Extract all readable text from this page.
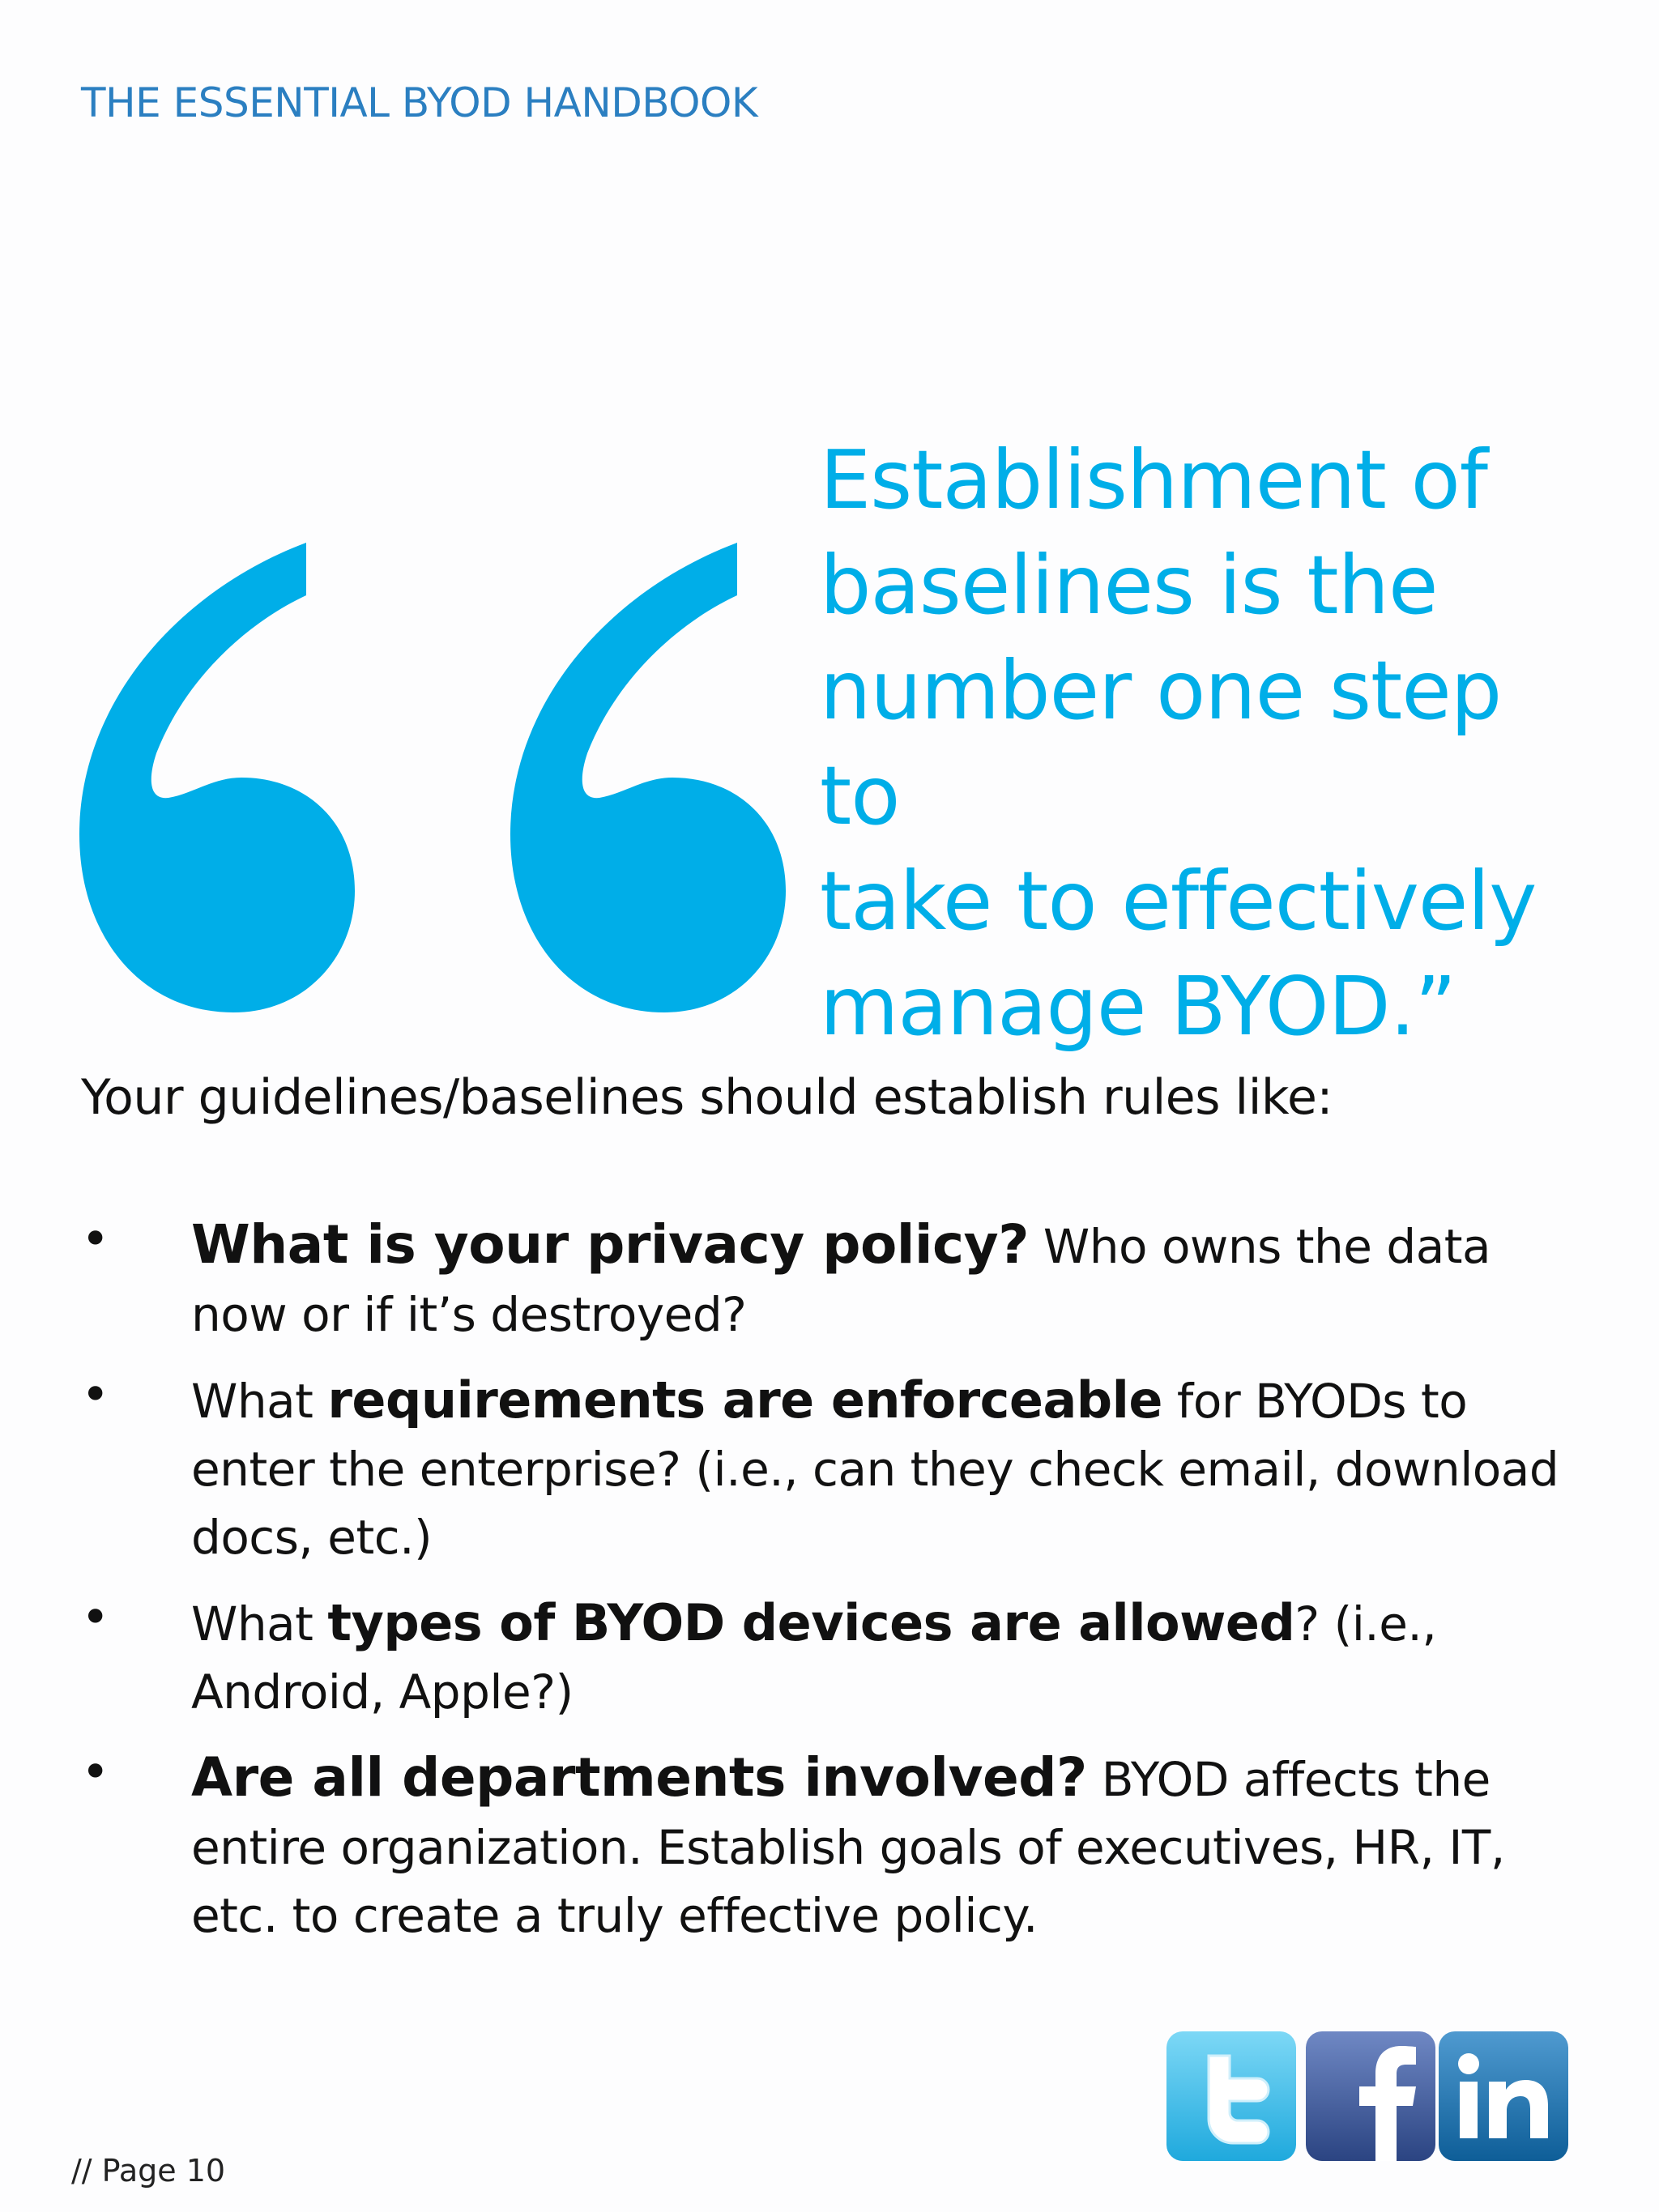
THE ESSENTIAL BYOD HANDBOOK
Establishment of
baselines is the
number one step to
take to effectively
manage BYOD.”
Your guidelines/baselines should establish rules like:
• What is your privacy policy? Who owns the data now or if it’s destroyed?
• What requirements are enforceable for BYODs to enter the enterprise? (i.e., can they check email, download docs, etc.)
• What types of BYOD devices are allowed? (i.e., Android, Apple?)
• Are all departments involved? BYOD affects the entire organization. Establish goals of executives, HR, IT, etc. to create a truly effective policy.
// Page 10
